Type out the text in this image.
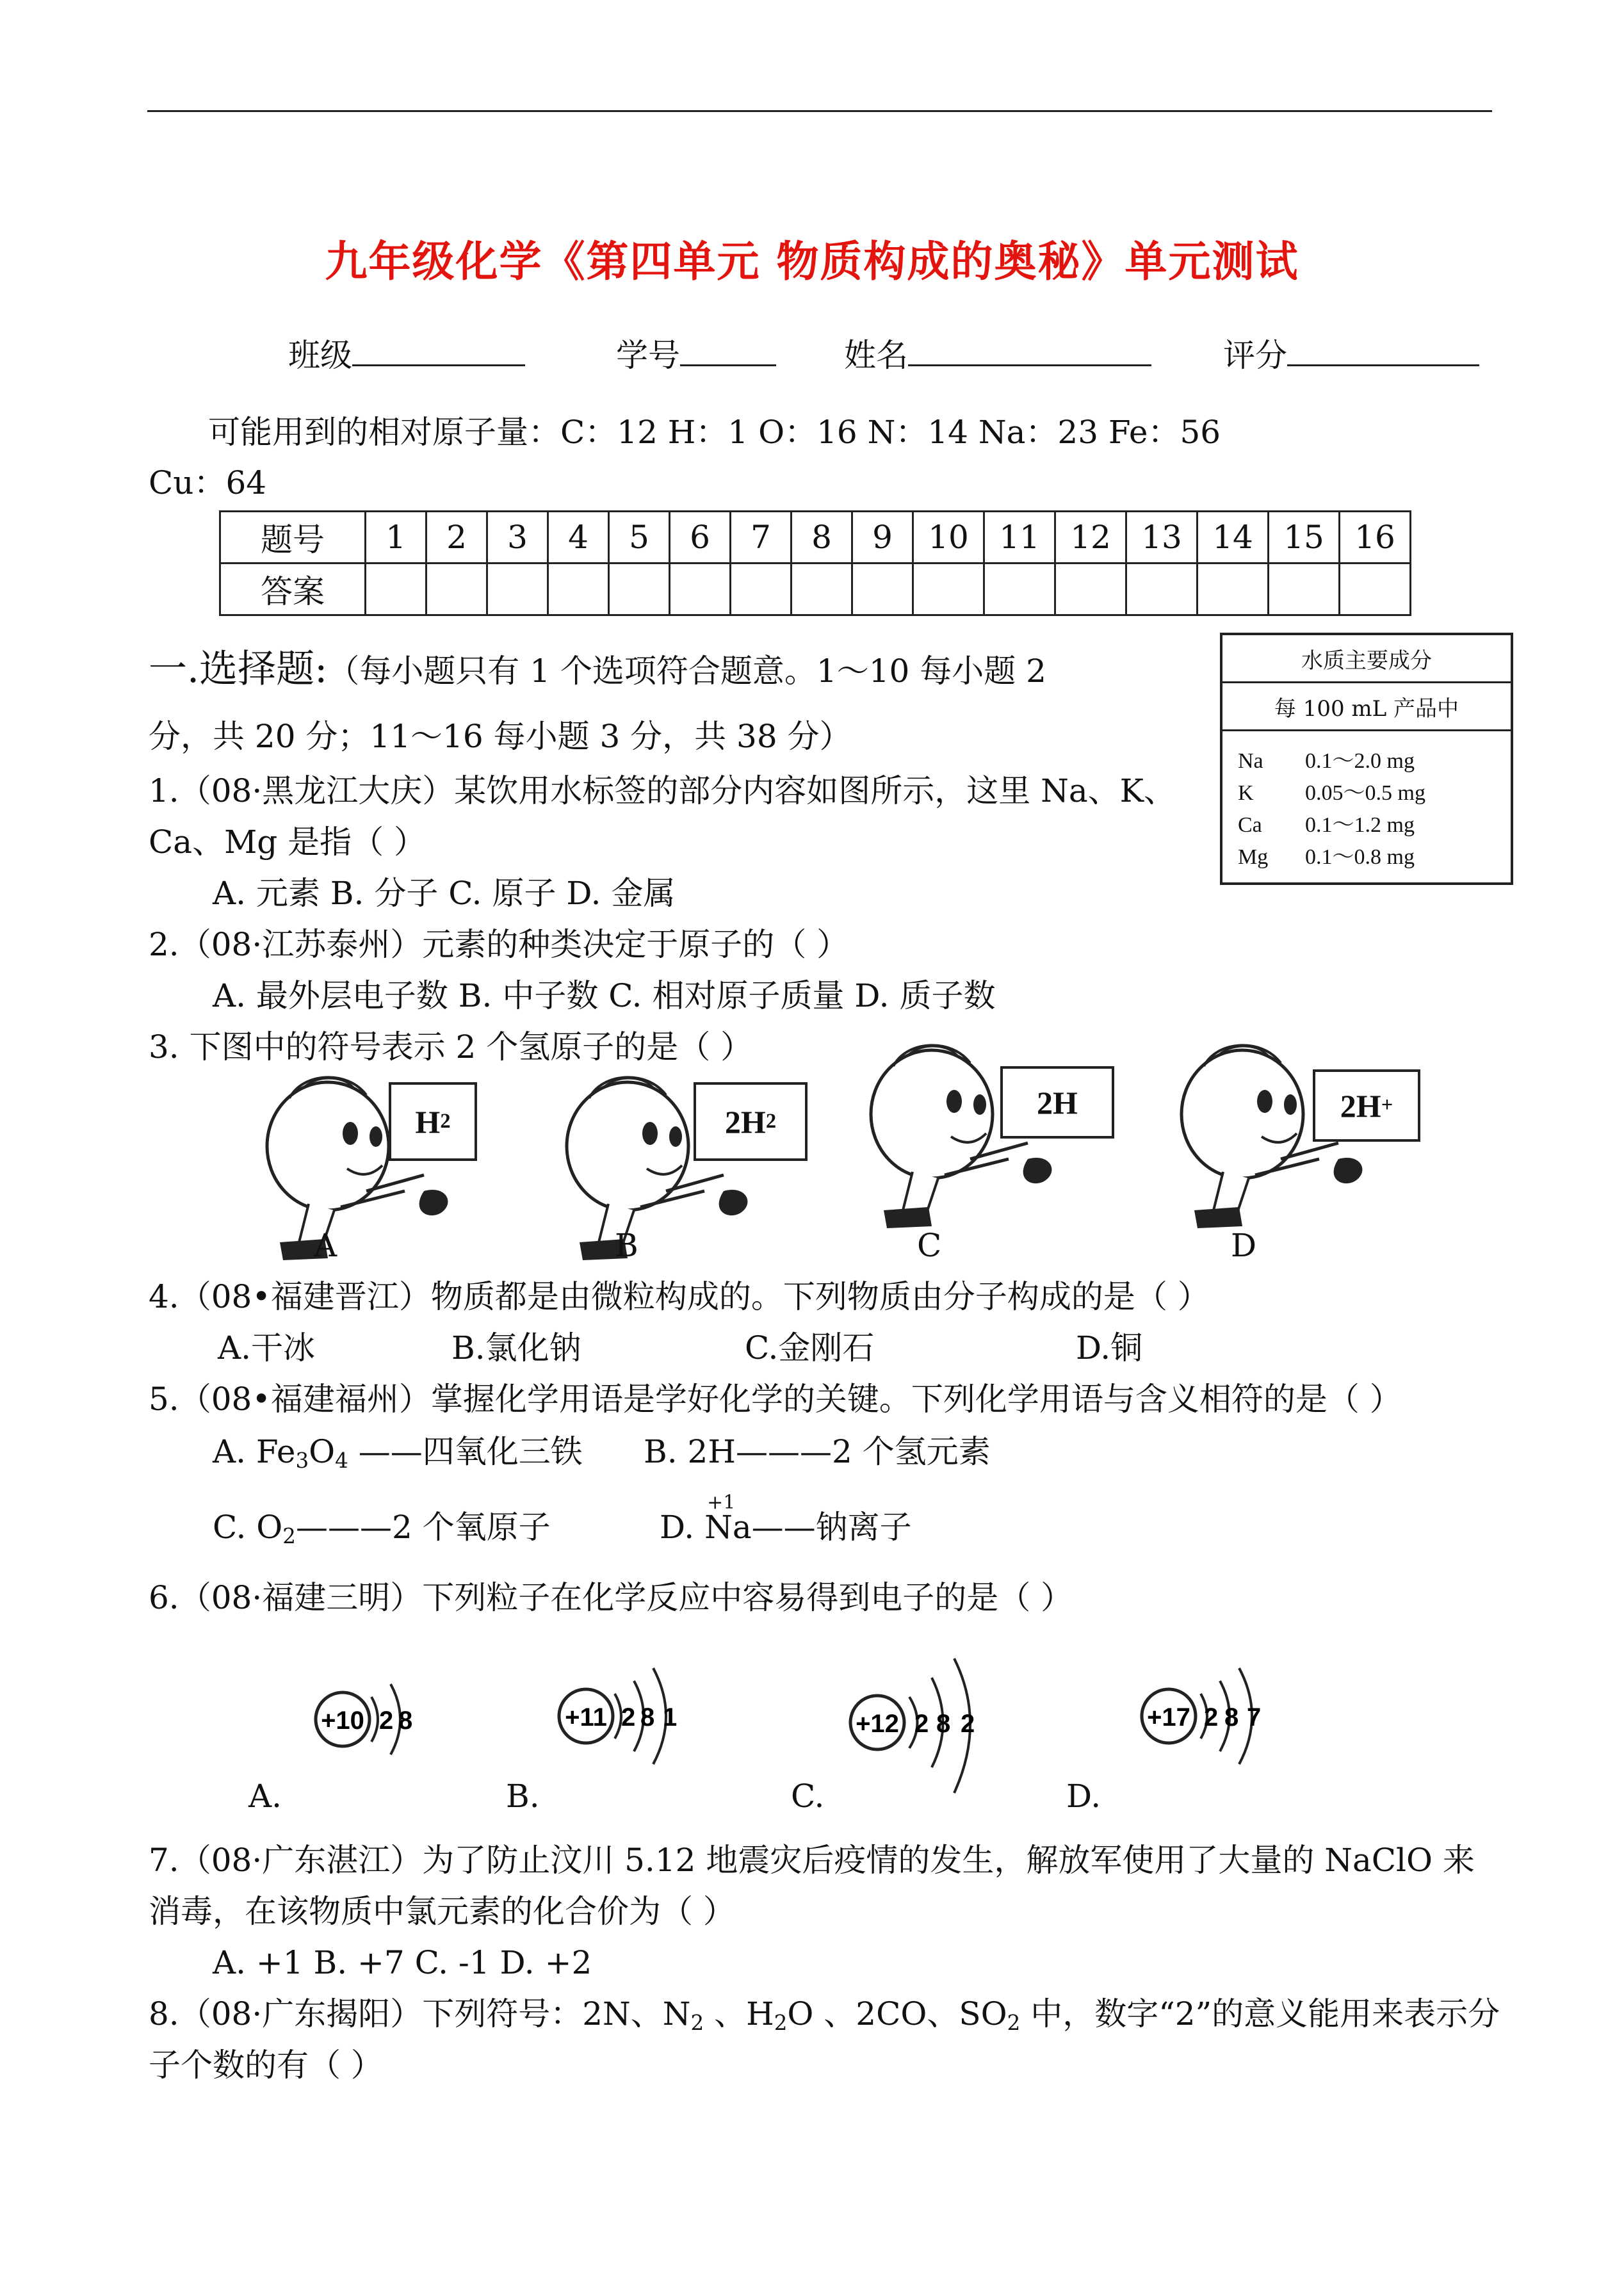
九年级化学《第四单元 物质构成的奥秘》单元测试
班级	学号	姓名	评分
可能用到的相对原子量：C：12 H：1 O：16 N：14 Na：23 Fe：56
Cu：64
题号	1	2	3	4	5	6	7	8	9	10	11	12	13	14	15	16
答案																
一.选择题:（每小题只有 1 个选项符合题意。1～10 每小题 2
分，共 20 分；11～16 每小题 3 分，共 38 分）
水质主要成分
每 100 mL 产品中
Na 0.1～2.0 mg
K 0.05～0.5 mg
Ca 0.1～1.2 mg
Mg 0.1～0.8 mg
1.（08·黑龙江大庆）某饮用水标签的部分内容如图所示，这里 Na、K、
Ca、Mg 是指（ ）
A. 元素 B. 分子 C. 原子 D. 金属
2.（08·江苏泰州）元素的种类决定于原子的（ ）
A. 最外层电子数 B. 中子数 C. 相对原子质量 D. 质子数
3. 下图中的符号表示 2 个氢原子的是（ ）
H 2	2H 2
2H	2H +
A	B	C	D
4.（08•福建晋江）物质都是由微粒构成的。下列物质由分子构成的是（ ）
A.干冰	B.氯化钠	C.金刚石	D.铜
5.（08•福建福州）掌握化学用语是学好化学的关键。下列化学用语与含义相符的是（ ）
A. $Fe_3O_4$ ——四氧化三铁 B. 2H———2 个氢元素
C. $O_2———2$ 个氧原子	D.
+1
Na——钠离子
6.（08·福建三明）下列粒子在化学反应中容易得到电子的是（ ）
+10 2 8	+11 2 8 1	+12 2 8 2	+17 2 8 7
A.	B.	C.	D.
7.（08·广东湛江）为了防止汶川 5.12 地震灾后疫情的发生，解放军使用了大量的 NaClO 来
消毒，在该物质中氯元素的化合价为（ ）
A. +1 B. +7 C. -1 D. +2
8.（08·广东揭阳）下列符号：2N、$N_2$ 、$H_2O$ 、2CO、$SO_2$ 中，数字“2”的意义能用来表示分
子个数的有（ ）
